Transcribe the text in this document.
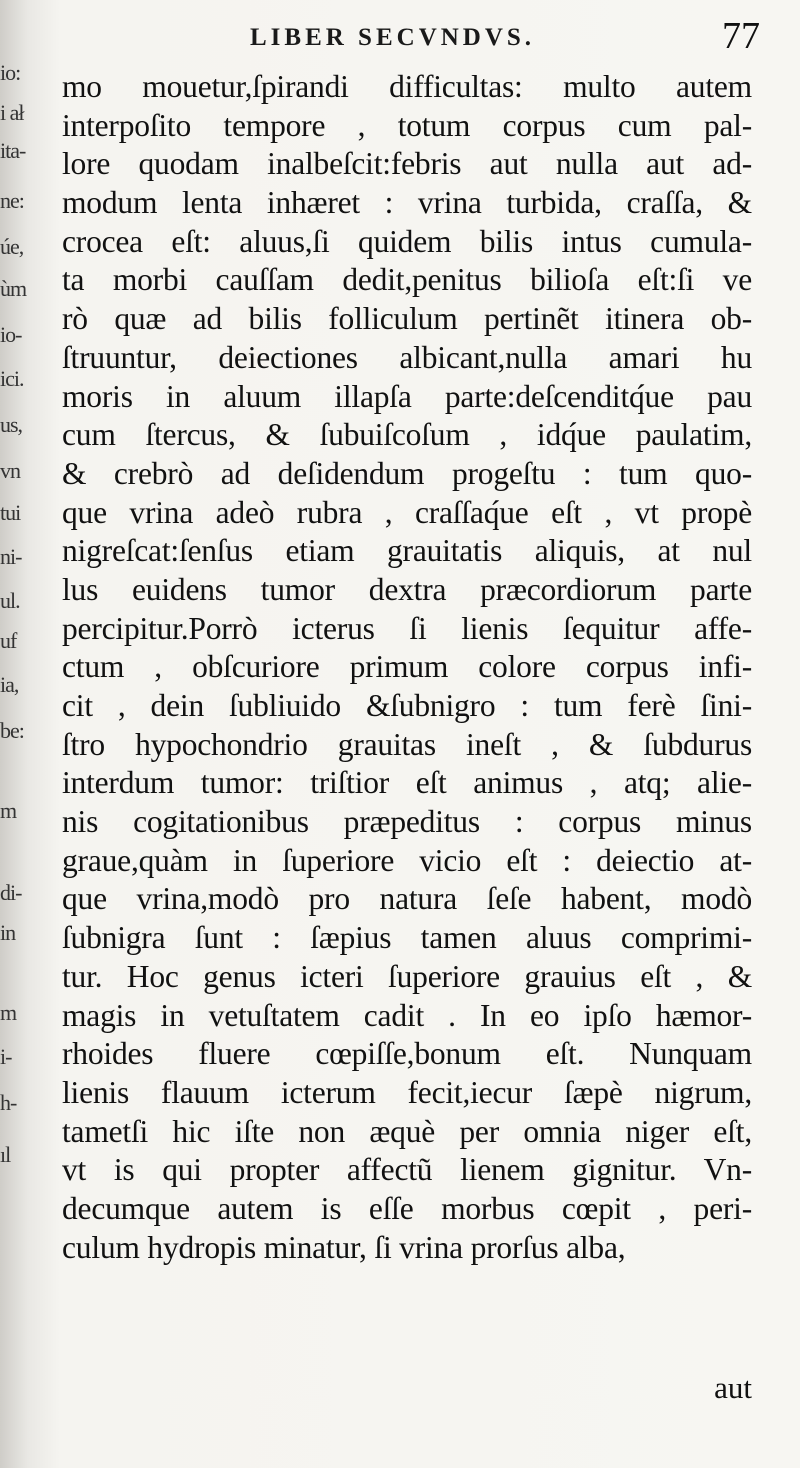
io:
i ał
ita-
ne:
úe,
ùm
io-
ici.
us,
vn
tui
ni-
ul.
uf
ia,
be:
m
di-
in
m
i-
h-
ıl
LIBER SECVNDVS.	77
mo mouetur,ſpirandi difficultas: multo autem
interpoſito tempore , totum corpus cum pal-
lore quodam inalbeſcit:febris aut nulla aut ad-
modum lenta inhæret : vrina turbida, craſſa, &
crocea eſt: aluus,ſi quidem bilis intus cumula-
ta morbi cauſſam dedit,penitus bilioſa eſt:ſi ve
rò quæ ad bilis folliculum pertinẽt itinera ob-
ſtruuntur, deiectiones albicant,nulla amari hu
moris in aluum illapſa parte:deſcenditq́ue pau
cum ſtercus, & ſubuiſcoſum , idq́ue paulatim,
& crebrò ad deſidendum progeſtu : tum quo-
que vrina adeò rubra , craſſaq́ue eſt , vt propè
nigreſcat:ſenſus etiam grauitatis aliquis, at nul
lus euidens tumor dextra præcordiorum parte
percipitur.Porrò icterus ſi lienis ſequitur affe-
ctum , obſcuriore primum colore corpus infi-
cit , dein ſubliuido &ſubnigro : tum ferè ſini-
ſtro hypochondrio grauitas ineſt , & ſubdurus
interdum tumor: triſtior eſt animus , atq; alie-
nis cogitationibus præpeditus : corpus minus
graue,quàm in ſuperiore vicio eſt : deiectio at-
que vrina,modò pro natura ſeſe habent, modò
ſubnigra ſunt : ſæpius tamen aluus comprimi-
tur. Hoc genus icteri ſuperiore grauius eſt , &
magis in vetuſtatem cadit . In eo ipſo hæmor-
rhoides fluere cœpiſſe,bonum eſt. Nunquam
lienis flauum icterum fecit,iecur ſæpè nigrum,
tametſi hic iſte non æquè per omnia niger eſt,
vt is qui propter affectũ lienem gignitur. Vn-
decumque autem is eſſe morbus cœpit , peri-
culum hydropis minatur, ſi vrina prorſus alba,
aut
